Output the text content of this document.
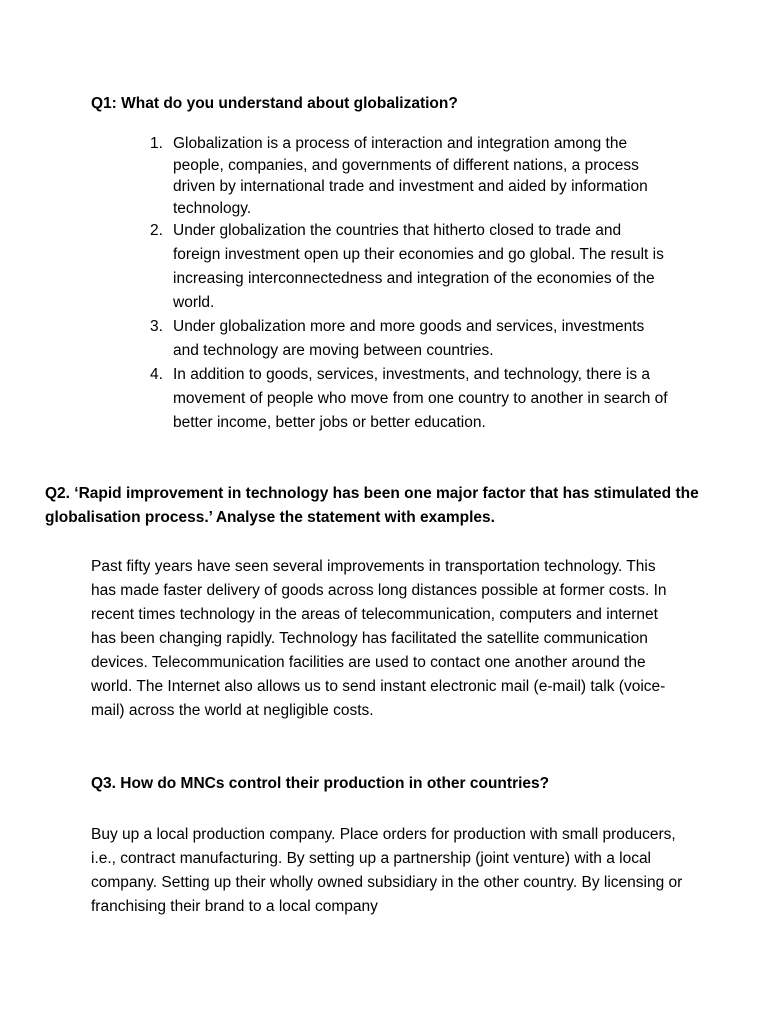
Q1: What do you understand about globalization?

1. Globalization is a process of interaction and integration among the people, companies, and governments of different nations, a process driven by international trade and investment and aided by information technology.
2. Under globalization the countries that hitherto closed to trade and foreign investment open up their economies and go global. The result is increasing interconnectedness and integration of the economies of the world.
3. Under globalization more and more goods and services, investments and technology are moving between countries.
4. In addition to goods, services, investments, and technology, there is a movement of people who move from one country to another in search of better income, better jobs or better education.

Q2. ‘Rapid improvement in technology has been one major factor that has stimulated the globalisation process.’ Analyse the statement with examples.

Past fifty years have seen several improvements in transportation technology. This has made faster delivery of goods across long distances possible at former costs. In recent times technology in the areas of telecommunication, computers and internet has been changing rapidly. Technology has facilitated the satellite communication devices. Telecommunication facilities are used to contact one another around the world. The Internet also allows us to send instant electronic mail (e-mail) talk (voice-mail) across the world at negligible costs.

Q3. How do MNCs control their production in other countries?

Buy up a local production company. Place orders for production with small producers, i.e., contract manufacturing. By setting up a partnership (joint venture) with a local company. Setting up their wholly owned subsidiary in the other country. By licensing or franchising their brand to a local company
